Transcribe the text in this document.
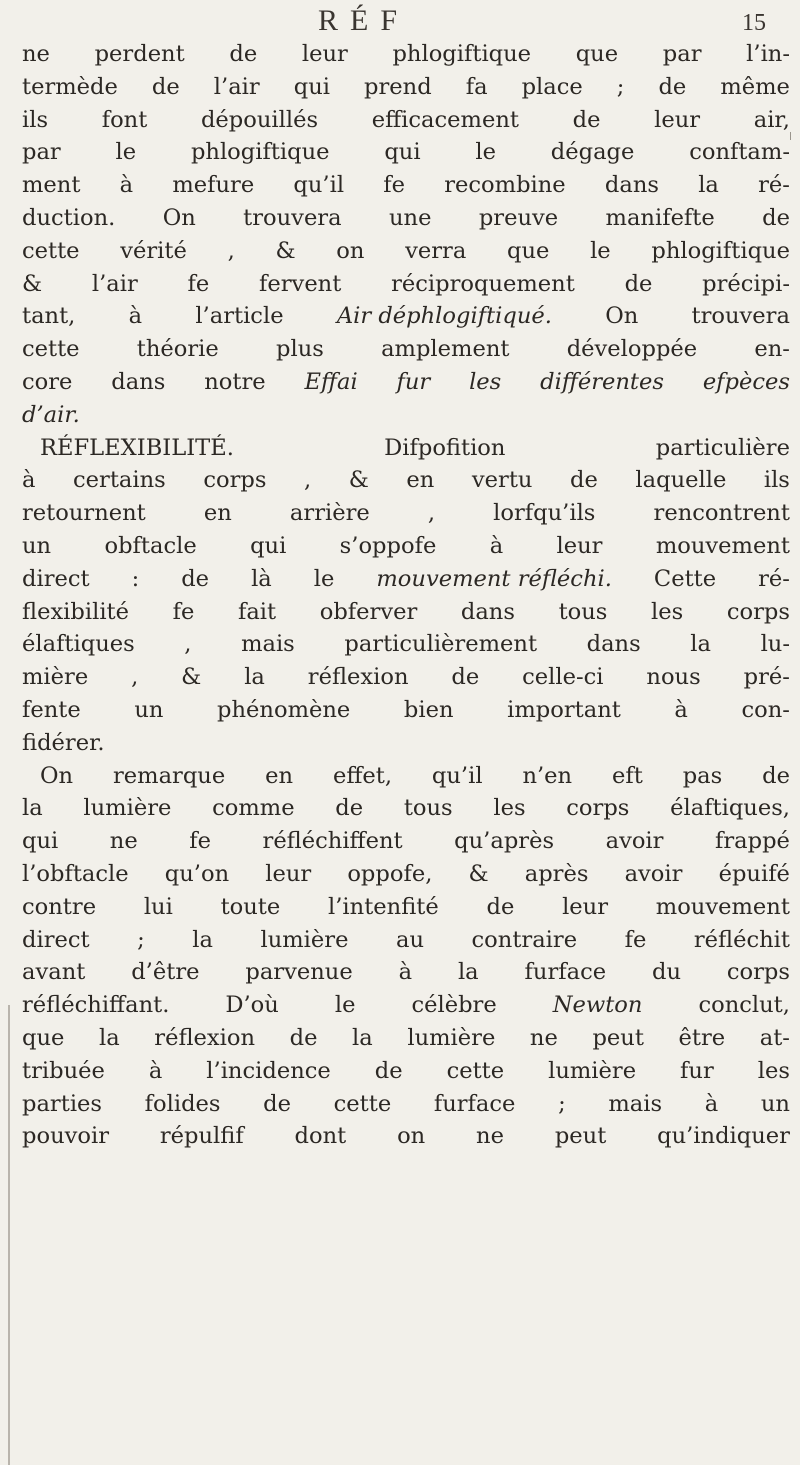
RÉF	15
ne perdent de leur phlogiftique que par l’in-
termède de l’air qui prend fa place ; de même
ils font dépouillés efficacement de leur air,
par le phlogiftique qui le dégage conftam-
ment à mefure qu’il fe recombine dans la ré-
duction. On trouvera une preuve manifefte de
cette vérité , & on verra que le phlogiftique
& l’air fe fervent réciproquement de précipi-
tant, à l’article Air déphlogiftiqué. On trouvera
cette	théorie	plus	amplement	développée	en-
core dans notre Effai fur les différentes efpèces
d’air.
RÉFLEXIBILITÉ.	Difpofition	particulière
à certains corps , & en vertu de laquelle ils
retournent	en	arrière	,	lorfqu’ils	rencontrent
un obftacle qui s’oppofe à leur mouvement
direct : de là le mouvement réfléchi. Cette ré-
flexibilité fe fait obferver dans tous les corps
élaftiques , mais particulièrement dans la lu-
mière , & la réflexion de celle-ci nous pré-
fente un phénomène bien important à con-
fidérer.
On remarque en effet, qu’il n’en eft pas de
la lumière comme de tous les corps élaftiques,
qui ne fe réfléchiffent qu’après avoir frappé
l’obftacle qu’on leur oppofe, & après avoir épuifé
contre lui toute l’intenfité de leur mouvement
direct ; la lumière au contraire fe réfléchit
avant d’être parvenue à la furface du corps
réfléchiffant. D’où le célèbre Newton conclut,
que la réflexion de la lumière ne peut être at-
tribuée à l’incidence de cette lumière fur les
parties folides de cette furface ; mais à un
pouvoir répulfif dont on ne peut qu’indiquer
